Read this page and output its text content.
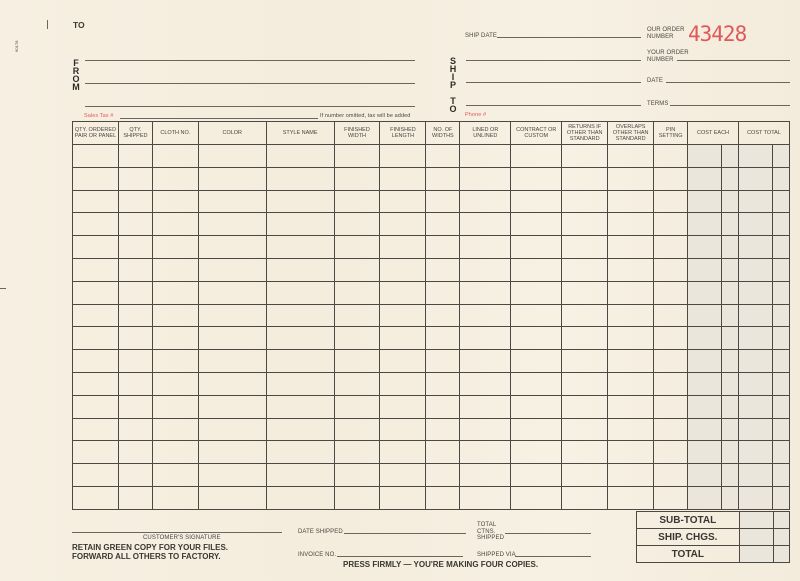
60178
TO
F
R
O
M
Sales Tax #	If number omitted, tax will be added
S
H
I
P
T
O
SHIP DATE
Phone #
OUR ORDER NUMBER 43428
YOUR ORDER NUMBER
DATE
TERMS
QTY. ORDERED PAIR OR PANEL	QTY. SHIPPED	CLOTH NO.	COLOR	STYLE NAME	FINISHED WIDTH	FINISHED LENGTH	NO. OF WIDTHS	LINED OR UNLINED	CONTRACT OR CUSTOM	RETURNS IF OTHER THAN STANDARD	OVERLAPS OTHER THAN STANDARD	PIN SETTING	COST EACH		COST TOTAL	

CUSTOMER'S SIGNATURE
RETAIN GREEN COPY FOR YOUR FILES.
FORWARD ALL OTHERS TO FACTORY.
DATE SHIPPED
INVOICE NO.
TOTAL CTNS. SHIPPED
SHIPPED VIA
PRESS FIRMLY — YOU'RE MAKING FOUR COPIES.
SUB-TOTAL		
SHIP. CHGS.		
TOTAL		
